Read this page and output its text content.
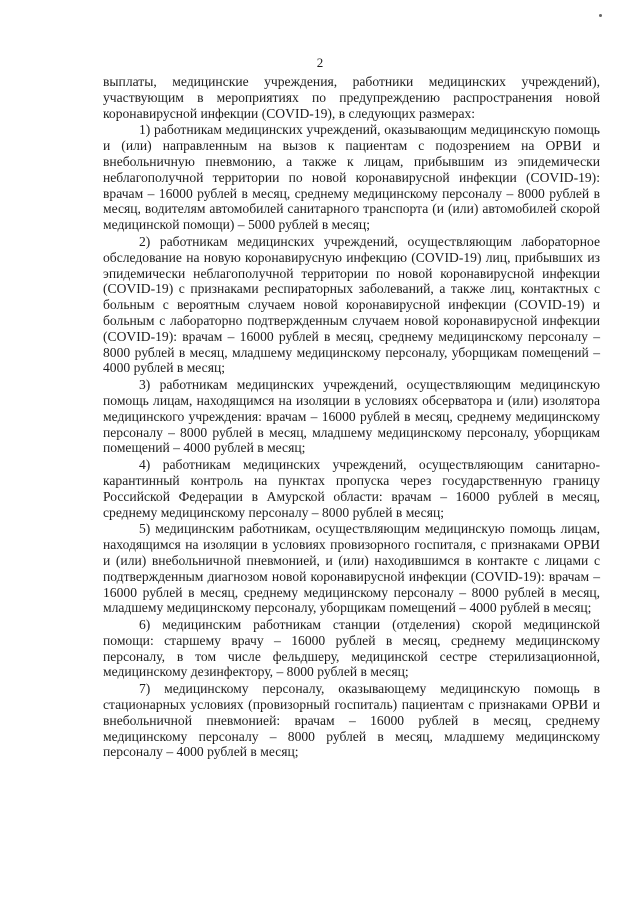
2

выплаты, медицинские учреждения, работники медицинских учреждений), участвующим в мероприятиях по предупреждению распространения новой коронавирусной инфекции (COVID-19), в следующих размерах:

1) работникам медицинских учреждений, оказывающим медицинскую помощь и (или) направленным на вызов к пациентам с подозрением на ОРВИ и внебольничную пневмонию, а также к лицам, прибывшим из эпидемически неблагополучной территории по новой коронавирусной инфекции (COVID-19): врачам – 16000 рублей в месяц, среднему медицинскому персоналу – 8000 рублей в месяц, водителям автомобилей санитарного транспорта (и (или) автомобилей скорой медицинской помощи) – 5000 рублей в месяц;

2) работникам медицинских учреждений, осуществляющим лабораторное обследование на новую коронавирусную инфекцию (COVID-19) лиц, прибывших из эпидемически неблагополучной территории по новой коронавирусной инфекции (COVID-19) с признаками респираторных заболеваний, а также лиц, контактных с больным с вероятным случаем новой коронавирусной инфекции (COVID-19) и больным с лабораторно подтвержденным случаем новой коронавирусной инфекции (COVID-19): врачам – 16000 рублей в месяц, среднему медицинскому персоналу – 8000 рублей в месяц, младшему медицинскому персоналу, уборщикам помещений – 4000 рублей в месяц;

3) работникам медицинских учреждений, осуществляющим медицинскую помощь лицам, находящимся на изоляции в условиях обсерватора и (или) изолятора медицинского учреждения: врачам – 16000 рублей в месяц, среднему медицинскому персоналу – 8000 рублей в месяц, младшему медицинскому персоналу, уборщикам помещений – 4000 рублей в месяц;

4) работникам медицинских учреждений, осуществляющим санитарно-карантинный контроль на пунктах пропуска через государственную границу Российской Федерации в Амурской области: врачам – 16000 рублей в месяц, среднему медицинскому персоналу – 8000 рублей в месяц;

5) медицинским работникам, осуществляющим медицинскую помощь лицам, находящимся на изоляции в условиях провизорного госпиталя, с признаками ОРВИ и (или) внебольничной пневмонией, и (или) находившимся в контакте с лицами с подтвержденным диагнозом новой коронавирусной инфекции (COVID-19): врачам – 16000 рублей в месяц, среднему медицинскому персоналу – 8000 рублей в месяц, младшему медицинскому персоналу, уборщикам помещений – 4000 рублей в месяц;

6) медицинским работникам станции (отделения) скорой медицинской помощи: старшему врачу – 16000 рублей в месяц, среднему медицинскому персоналу, в том числе фельдшеру, медицинской сестре стерилизационной, медицинскому дезинфектору, – 8000 рублей в месяц;

7) медицинскому персоналу, оказывающему медицинскую помощь в стационарных условиях (провизорный госпиталь) пациентам с признаками ОРВИ и внебольничной пневмонией: врачам – 16000 рублей в месяц, среднему медицинскому персоналу – 8000 рублей в месяц, младшему медицинскому персоналу – 4000 рублей в месяц;
